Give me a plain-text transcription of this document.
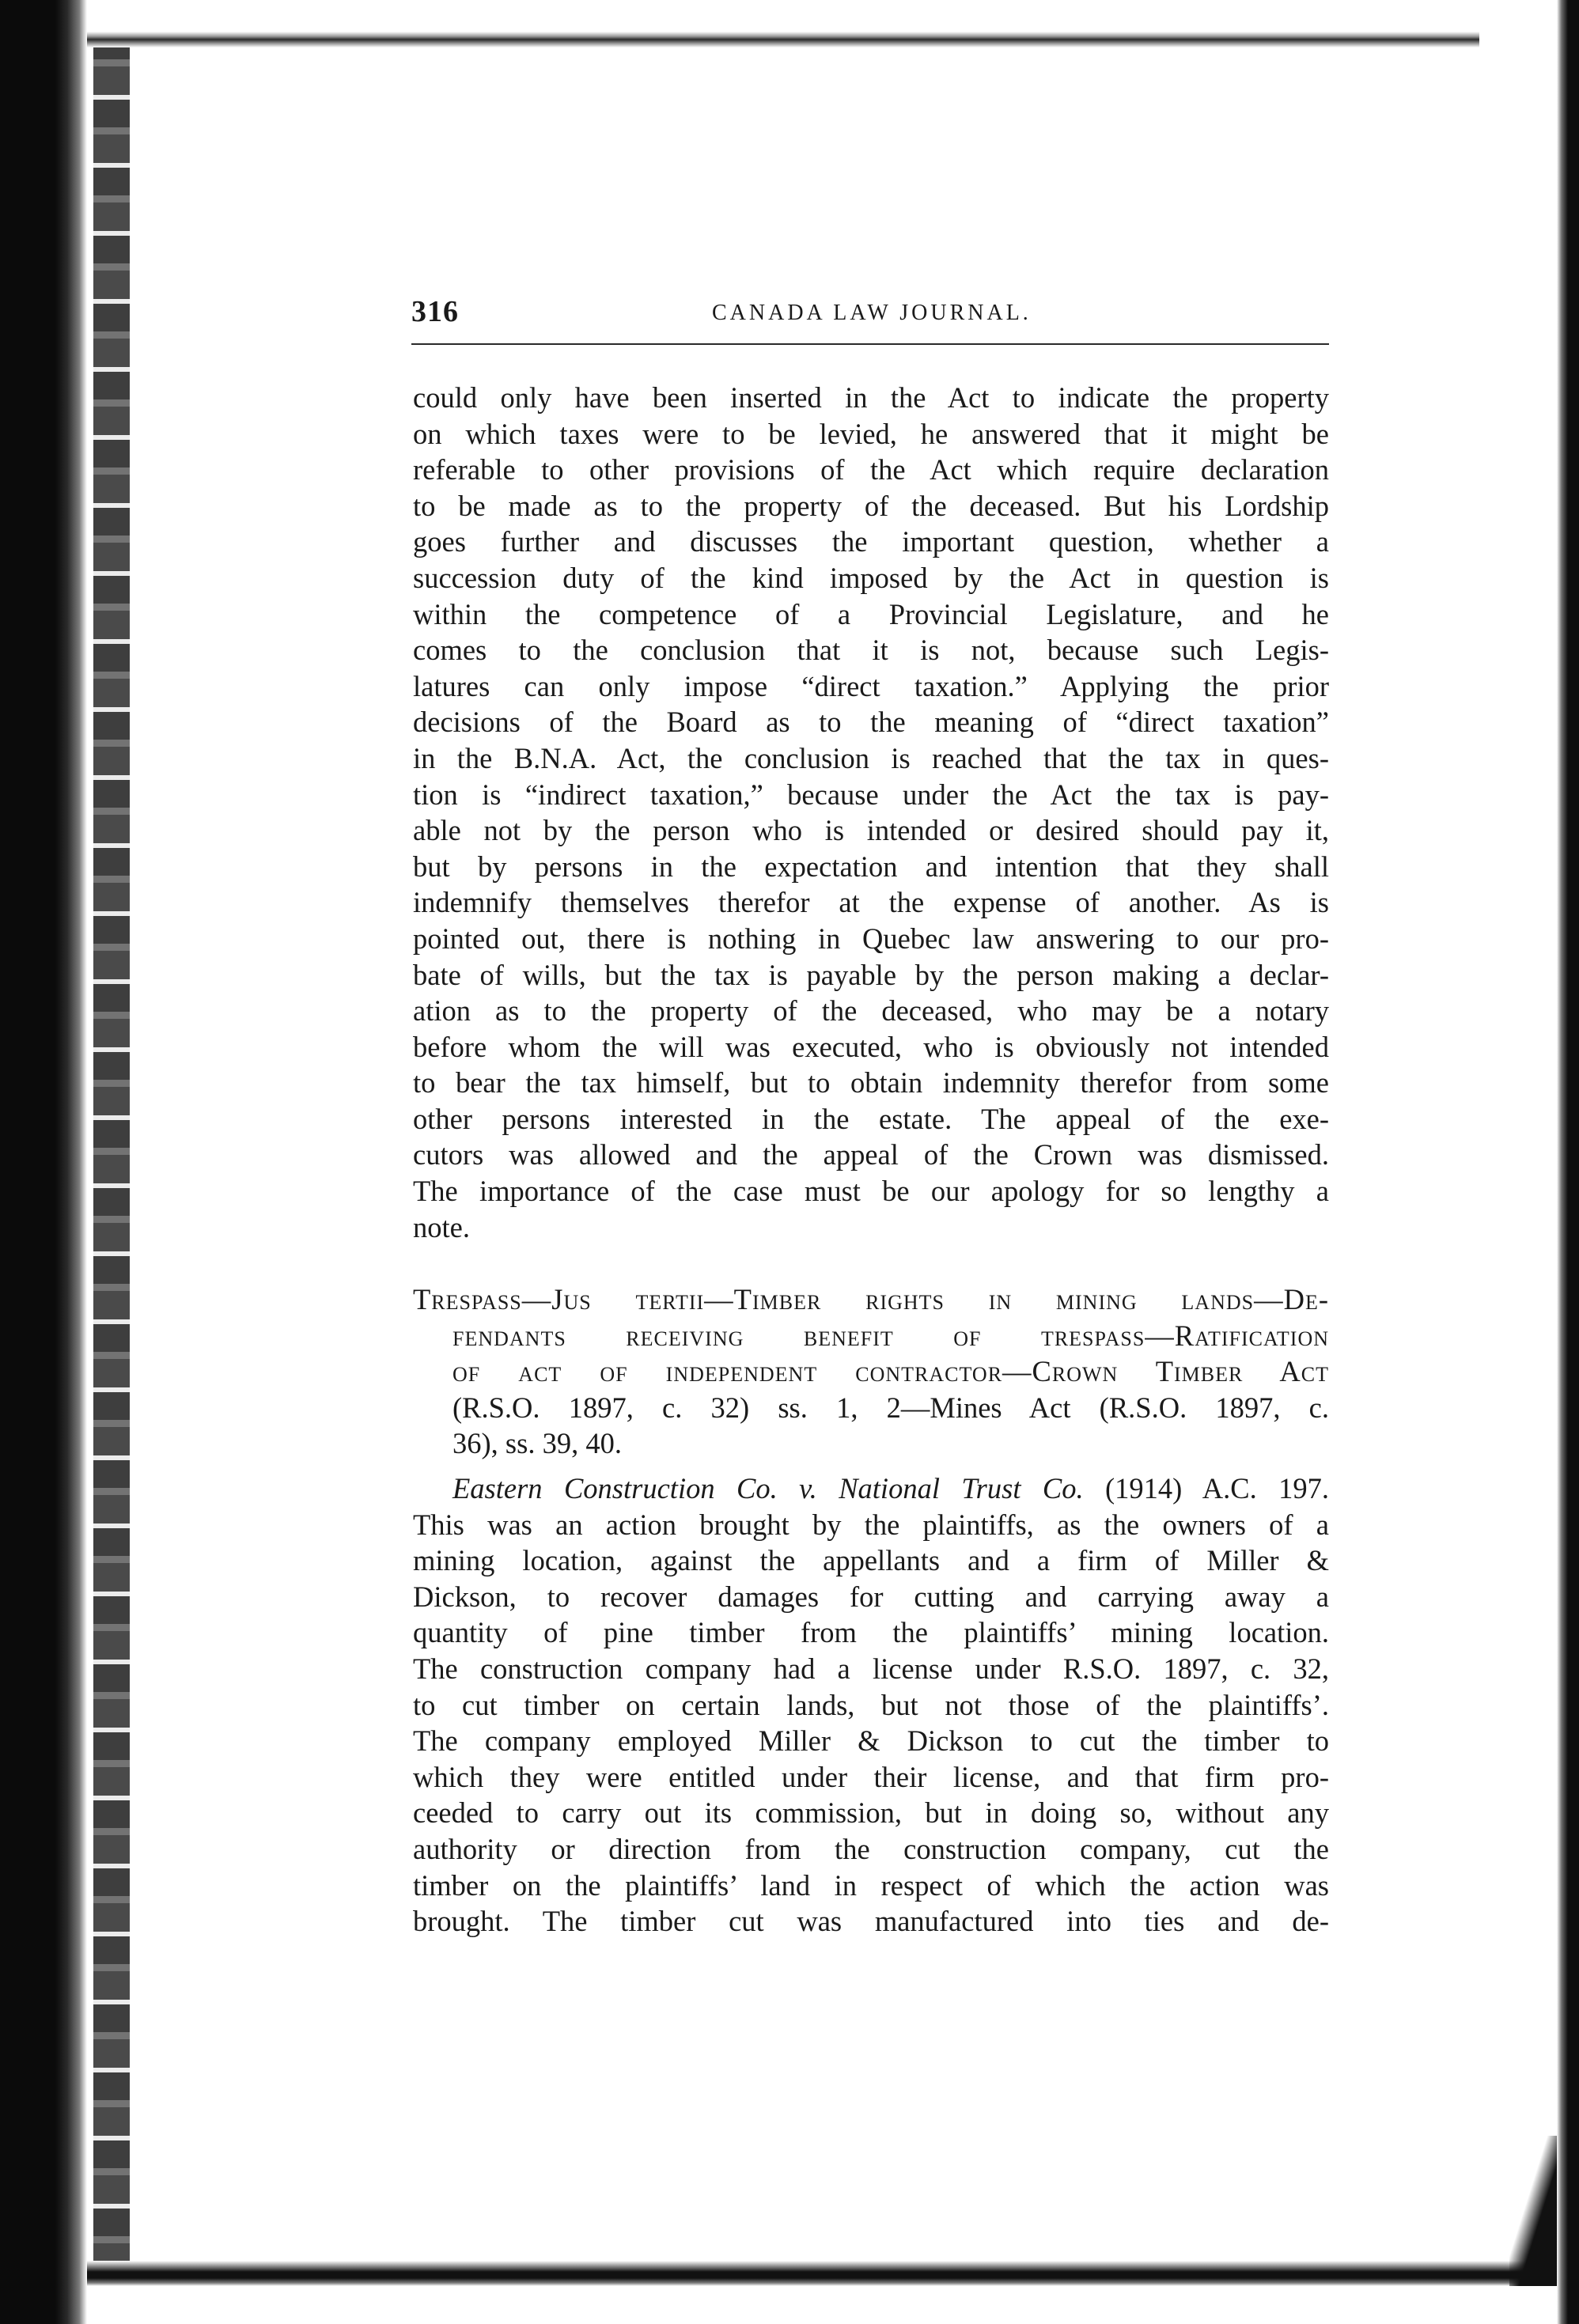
316	CANADA LAW JOURNAL.
could only have been inserted in the Act to indicate the property
on which taxes were to be levied, he answered that it might be
referable to other provisions of the Act which require declaration
to be made as to the property of the deceased. But his Lordship
goes further and discusses the important question, whether a
succession duty of the kind imposed by the Act in question is
within the competence of a Provincial Legislature, and he
comes to the conclusion that it is not, because such Legis-
latures can only impose “direct taxation.” Applying the prior
decisions of the Board as to the meaning of “direct taxation”
in the B.N.A. Act, the conclusion is reached that the tax in ques-
tion is “indirect taxation,” because under the Act the tax is pay-
able not by the person who is intended or desired should pay it,
but by persons in the expectation and intention that they shall
indemnify themselves therefor at the expense of another. As is
pointed out, there is nothing in Quebec law answering to our pro-
bate of wills, but the tax is payable by the person making a declar-
ation as to the property of the deceased, who may be a notary
before whom the will was executed, who is obviously not intended
to bear the tax himself, but to obtain indemnity therefor from some
other persons interested in the estate. The appeal of the exe-
cutors was allowed and the appeal of the Crown was dismissed.
The importance of the case must be our apology for so lengthy a
note.
Trespass—Jus tertii—Timber rights in mining lands—De-
fendants receiving benefit of trespass—Ratification
of act of independent contractor—Crown Timber Act
(R.S.O. 1897, c. 32) ss. 1, 2—Mines Act (R.S.O. 1897, c.
36), ss. 39, 40.
Eastern Construction Co. v. National Trust Co. (1914) A.C. 197.
This was an action brought by the plaintiffs, as the owners of a
mining location, against the appellants and a firm of Miller &
Dickson, to recover damages for cutting and carrying away a
quantity of pine timber from the plaintiffs’ mining location.
The construction company had a license under R.S.O. 1897, c. 32,
to cut timber on certain lands, but not those of the plaintiffs’.
The company employed Miller & Dickson to cut the timber to
which they were entitled under their license, and that firm pro-
ceeded to carry out its commission, but in doing so, without any
authority or direction from the construction company, cut the
timber on the plaintiffs’ land in respect of which the action was
brought. The timber cut was manufactured into ties and de-
